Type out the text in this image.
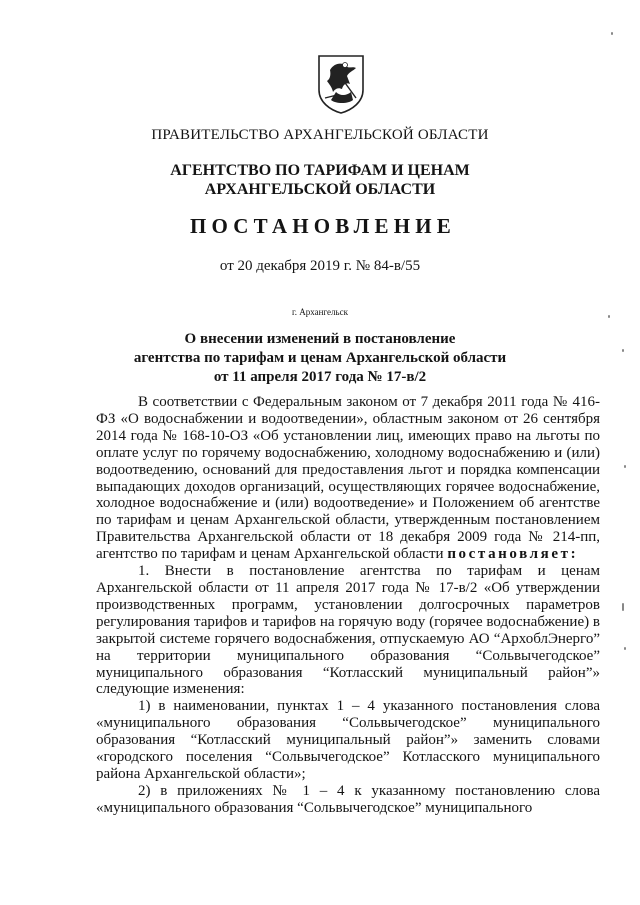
ПРАВИТЕЛЬСТВО АРХАНГЕЛЬСКОЙ ОБЛАСТИ
АГЕНТСТВО ПО ТАРИФАМ И ЦЕНАМ
АРХАНГЕЛЬСКОЙ ОБЛАСТИ
ПОСТАНОВЛЕНИЕ
от 20 декабря 2019 г. № 84-в/55
г. Архангельск
О внесении изменений в постановление
агентства по тарифам и ценам Архангельской области
от 11 апреля 2017 года № 17-в/2

В соответствии с Федеральным законом от 7 декабря 2011 года № 416-ФЗ «О водоснабжении и водоотведении», областным законом от 26 сентября 2014 года № 168-10-ОЗ «Об установлении лиц, имеющих право на льготы по оплате услуг по горячему водоснабжению, холодному водоснабжению и (или) водоотведению, оснований для предоставления льгот и порядка компенсации выпадающих доходов организаций, осуществляющих горячее водоснабжение, холодное водоснабжение и (или) водоотведение» и Положением об агентстве по тарифам и ценам Архангельской области, утвержденным постановлением Правительства Архангельской области от 18 декабря 2009 года № 214-пп, агентство по тарифам и ценам Архангельской области постановляет:

1. Внести в постановление агентства по тарифам и ценам Архангельской области от 11 апреля 2017 года № 17-в/2 «Об утверждении производственных программ, установлении долгосрочных параметров регулирования тарифов и тарифов на горячую воду (горячее водоснабжение) в закрытой системе горячего водоснабжения, отпускаемую АО “АрхоблЭнерго” на территории муниципального образования “Сольвычегодское” муниципального образования “Котласский муниципальный район”» следующие изменения:

1) в наименовании, пунктах 1 – 4 указанного постановления слова «муниципального образования “Сольвычегодское” муниципального образования “Котласский муниципальный район”» заменить словами «городского поселения “Сольвычегодское” Котласского муниципального района Архангельской области»;

2) в приложениях № 1 – 4 к указанному постановлению слова «муниципального образования “Сольвычегодское” муниципального
